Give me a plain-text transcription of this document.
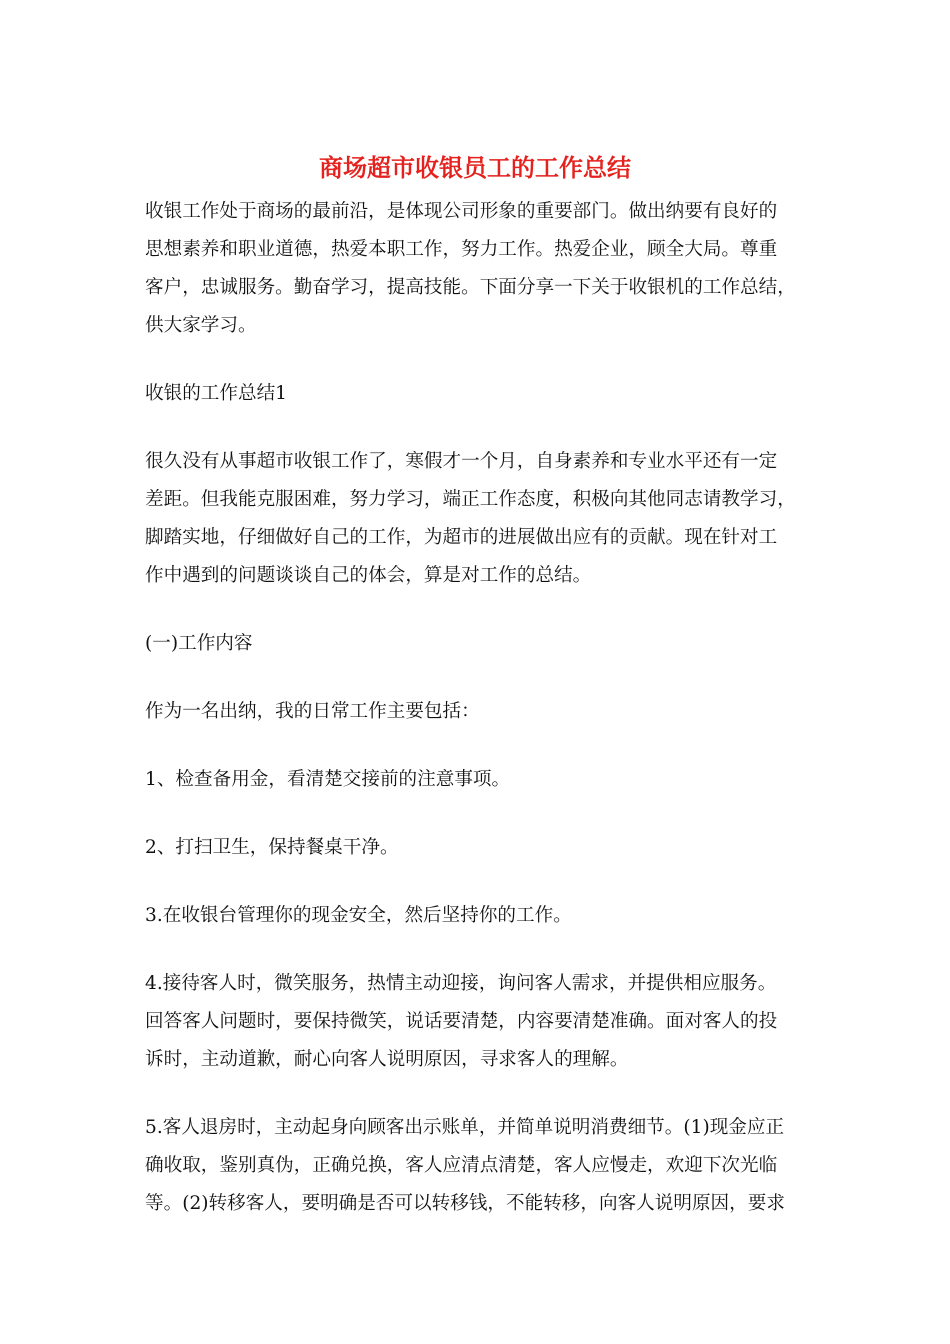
商场超市收银员工的工作总结

收银工作处于商场的最前沿，是体现公司形象的重要部门。做出纳要有良好的
思想素养和职业道德，热爱本职工作，努力工作。热爱企业，顾全大局。尊重
客户，忠诚服务。勤奋学习，提高技能。下面分享一下关于收银机的工作总结，
供大家学习。

收银的工作总结1

很久没有从事超市收银工作了，寒假才一个月，自身素养和专业水平还有一定
差距。但我能克服困难，努力学习，端正工作态度，积极向其他同志请教学习，
脚踏实地，仔细做好自己的工作，为超市的进展做出应有的贡献。现在针对工
作中遇到的问题谈谈自己的体会，算是对工作的总结。

(一)工作内容

作为一名出纳，我的日常工作主要包括：

1、检查备用金，看清楚交接前的注意事项。

2、打扫卫生，保持餐桌干净。

3.在收银台管理你的现金安全，然后坚持你的工作。

4.接待客人时，微笑服务，热情主动迎接，询问客人需求，并提供相应服务。
回答客人问题时，要保持微笑，说话要清楚，内容要清楚准确。面对客人的投
诉时，主动道歉，耐心向客人说明原因，寻求客人的理解。

5.客人退房时，主动起身向顾客出示账单，并简单说明消费细节。(1)现金应正
确收取，鉴别真伪，正确兑换，客人应清点清楚，客人应慢走，欢迎下次光临
等。(2)转移客人，要明确是否可以转移钱，不能转移，向客人说明原因，要求
